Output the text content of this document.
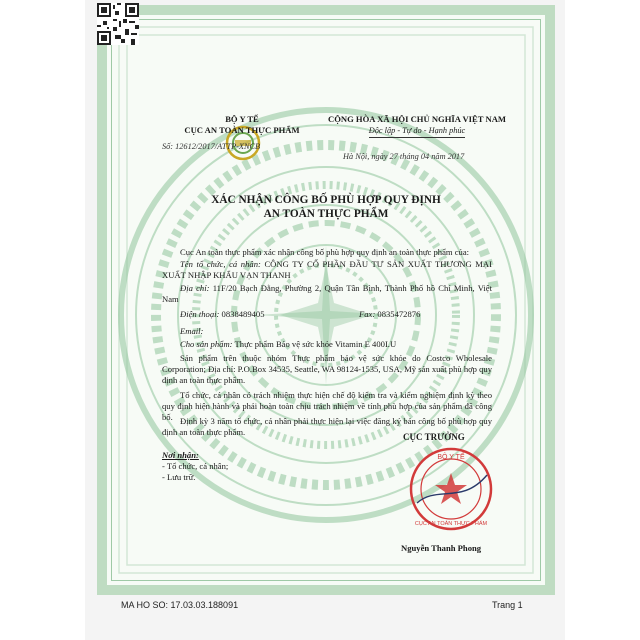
BỘ Y TẾ
CỤC AN TOÀN THỰC PHẨM
Số: 12612/2017/ATTP-XNCB
CỘNG HÒA XÃ HỘI CHỦ NGHĨA VIỆT NAM
Độc lập - Tự do - Hạnh phúc
Hà Nội, ngày 27 tháng 04 năm 2017
XÁC NHẬN CÔNG BỐ PHÙ HỢP QUY ĐỊNH
AN TOÀN THỰC PHẨM
Cục An toàn thực phẩm xác nhận công bố phù hợp quy định an toàn thực phẩm của:
Tên tổ chức, cá nhân: CÔNG TY CỔ PHẦN ĐẦU TƯ SẢN XUẤT THƯƠNG MẠI XUẤT NHẬP KHẨU VẠN THANH
Địa chỉ: 11F/20 Bạch Đằng, Phường 2, Quận Tân Bình, Thành Phố hồ Chí Minh, Việt Nam
Điện thoại: 0838489405	Fax: 0835472876
Email:
Cho sản phẩm: Thực phẩm Bảo vệ sức khỏe Vitamin E 400I.U
Sản phẩm trên thuộc nhóm Thực phẩm bảo vệ sức khỏe do Costco Wholesale Corporation; Địa chỉ: P.O.Box 34535, Seattle, WA 98124-1535, USA, Mỹ sản xuất phù hợp quy định an toàn thực phẩm.
Tổ chức, cá nhân có trách nhiệm thực hiện chế độ kiểm tra và kiểm nghiệm định kỳ theo quy định hiện hành và phải hoàn toàn chịu trách nhiệm về tính phù hợp của sản phẩm đã công bố. Định kỳ 3 năm tổ chức, cá nhân phải thực hiện lại việc đăng ký bản công bố phù hợp quy định an toàn thực phẩm.
Nơi nhận:
- Tổ chức, cá nhân;
- Lưu trữ.
CỤC TRƯỞNG
BỘ Y TẾ
CỤC AN TOÀN THỰC PHẨM
Nguyễn Thanh Phong
MA HO SO: 17.03.03.188091	Trang 1
